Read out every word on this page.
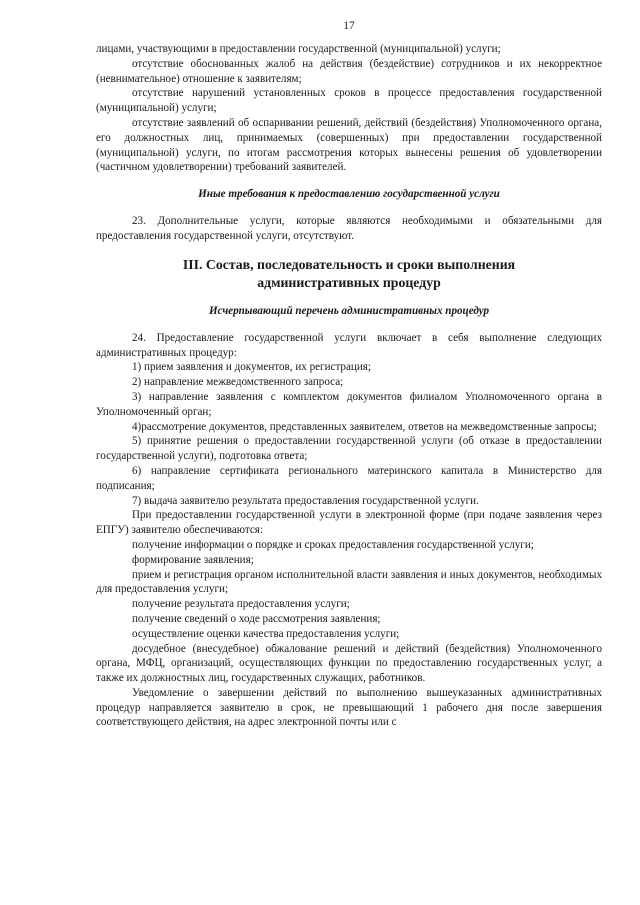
17

лицами, участвующими в предоставлении государственной (муниципальной) услуги;

отсутствие обоснованных жалоб на действия (бездействие) сотрудников и их некорректное (невнимательное) отношение к заявителям;

отсутствие нарушений установленных сроков в процессе предоставления государственной (муниципальной) услуги;

отсутствие заявлений об оспаривании решений, действий (бездействия) Уполномоченного органа, его должностных лиц, принимаемых (совершенных) при предоставлении государственной (муниципальной) услуги, по итогам рассмотрения которых вынесены решения об удовлетворении (частичном удовлетворении) требований заявителей.

Иные требования к предоставлению государственной услуги

23. Дополнительные услуги, которые являются необходимыми и обязательными для предоставления государственной услуги, отсутствуют.

III. Состав, последовательность и сроки выполнения
административных процедур

Исчерпывающий перечень административных процедур

24. Предоставление государственной услуги включает в себя выполнение следующих административных процедур:

1) прием заявления и документов, их регистрация;

2) направление межведомственного запроса;

3) направление заявления с комплектом документов филиалом Уполномоченного органа в Уполномоченный орган;

4)рассмотрение документов, представленных заявителем, ответов на межведомственные запросы;

5) принятие решения о предоставлении государственной услуги (об отказе в предоставлении государственной услуги), подготовка ответа;

6) направление сертификата регионального материнского капитала в Министерство для подписания;

7) выдача заявителю результата предоставления государственной услуги.

При предоставлении государственной услуги в электронной форме (при подаче заявления через ЕПГУ) заявителю обеспечиваются:

получение информации о порядке и сроках предоставления государственной услуги;

формирование заявления;

прием и регистрация органом исполнительной власти заявления и иных документов, необходимых для предоставления услуги;

получение результата предоставления услуги;

получение сведений о ходе рассмотрения заявления;

осуществление оценки качества предоставления услуги;

досудебное (внесудебное) обжалование решений и действий (бездействия) Уполномоченного органа, МФЦ, организаций, осуществляющих функции по предоставлению государственных услуг, а также их должностных лиц, государственных служащих, работников.

Уведомление о завершении действий по выполнению вышеуказанных административных процедур направляется заявителю в срок, не превышающий 1 рабочего дня после завершения соответствующего действия, на адрес электронной почты или с
